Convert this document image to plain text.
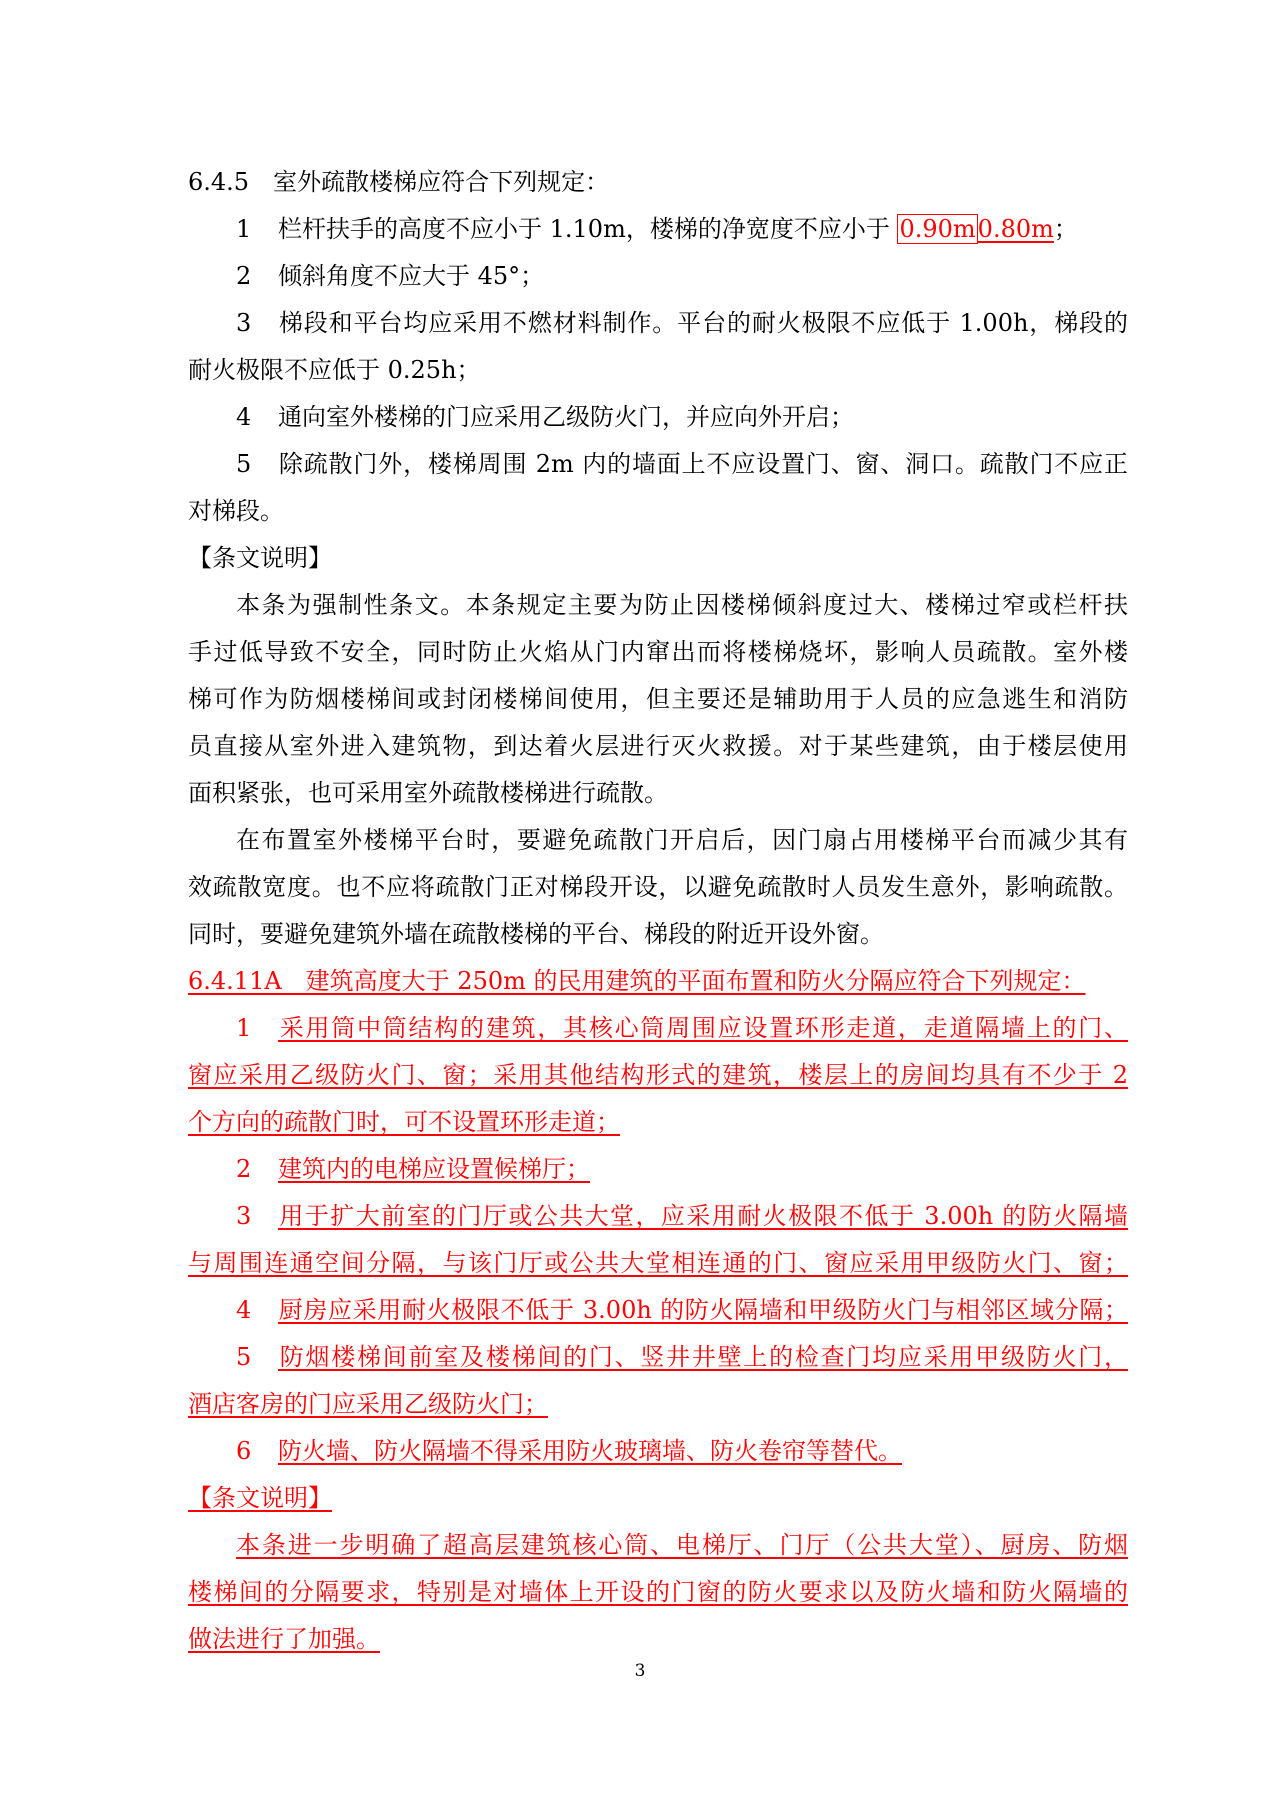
6.4.5　室外疏散楼梯应符合下列规定：
1 栏杆扶手的高度不应小于 1.10m，楼梯的净宽度不应小于 0.90m0.80m；
2 倾斜角度不应大于 45°；
3 梯段和平台均应采用不燃材料制作。平台的耐火极限不应低于 1.00h，梯段的
耐火极限不应低于 0.25h；
4 通向室外楼梯的门应采用乙级防火门，并应向外开启；
5 除疏散门外，楼梯周围 2m 内的墙面上不应设置门、窗、洞口。疏散门不应正
对梯段。
【条文说明】
本条为强制性条文。本条规定主要为防止因楼梯倾斜度过大、楼梯过窄或栏杆扶
手过低导致不安全，同时防止火焰从门内窜出而将楼梯烧坏，影响人员疏散。室外楼
梯可作为防烟楼梯间或封闭楼梯间使用，但主要还是辅助用于人员的应急逃生和消防
员直接从室外进入建筑物，到达着火层进行灭火救援。对于某些建筑，由于楼层使用
面积紧张，也可采用室外疏散楼梯进行疏散。
在布置室外楼梯平台时，要避免疏散门开启后，因门扇占用楼梯平台而减少其有
效疏散宽度。也不应将疏散门正对梯段开设，以避免疏散时人员发生意外，影响疏散。
同时，要避免建筑外墙在疏散楼梯的平台、梯段的附近开设外窗。
6.4.11A　建筑高度大于 250m 的民用建筑的平面布置和防火分隔应符合下列规定：
1 采用筒中筒结构的建筑，其核心筒周围应设置环形走道，走道隔墙上的门、
窗应采用乙级防火门、窗；采用其他结构形式的建筑，楼层上的房间均具有不少于 2
个方向的疏散门时，可不设置环形走道；
2 建筑内的电梯应设置候梯厅；
3 用于扩大前室的门厅或公共大堂，应采用耐火极限不低于 3.00h 的防火隔墙
与周围连通空间分隔，与该门厅或公共大堂相连通的门、窗应采用甲级防火门、窗；
4 厨房应采用耐火极限不低于 3.00h 的防火隔墙和甲级防火门与相邻区域分隔；
5 防烟楼梯间前室及楼梯间的门、竖井井壁上的检查门均应采用甲级防火门，
酒店客房的门应采用乙级防火门；
6 防火墙、防火隔墙不得采用防火玻璃墙、防火卷帘等替代。
【条文说明】
本条进一步明确了超高层建筑核心筒、电梯厅、门厅（公共大堂）、厨房、防烟
楼梯间的分隔要求，特别是对墙体上开设的门窗的防火要求以及防火墙和防火隔墙的
做法进行了加强。
3
